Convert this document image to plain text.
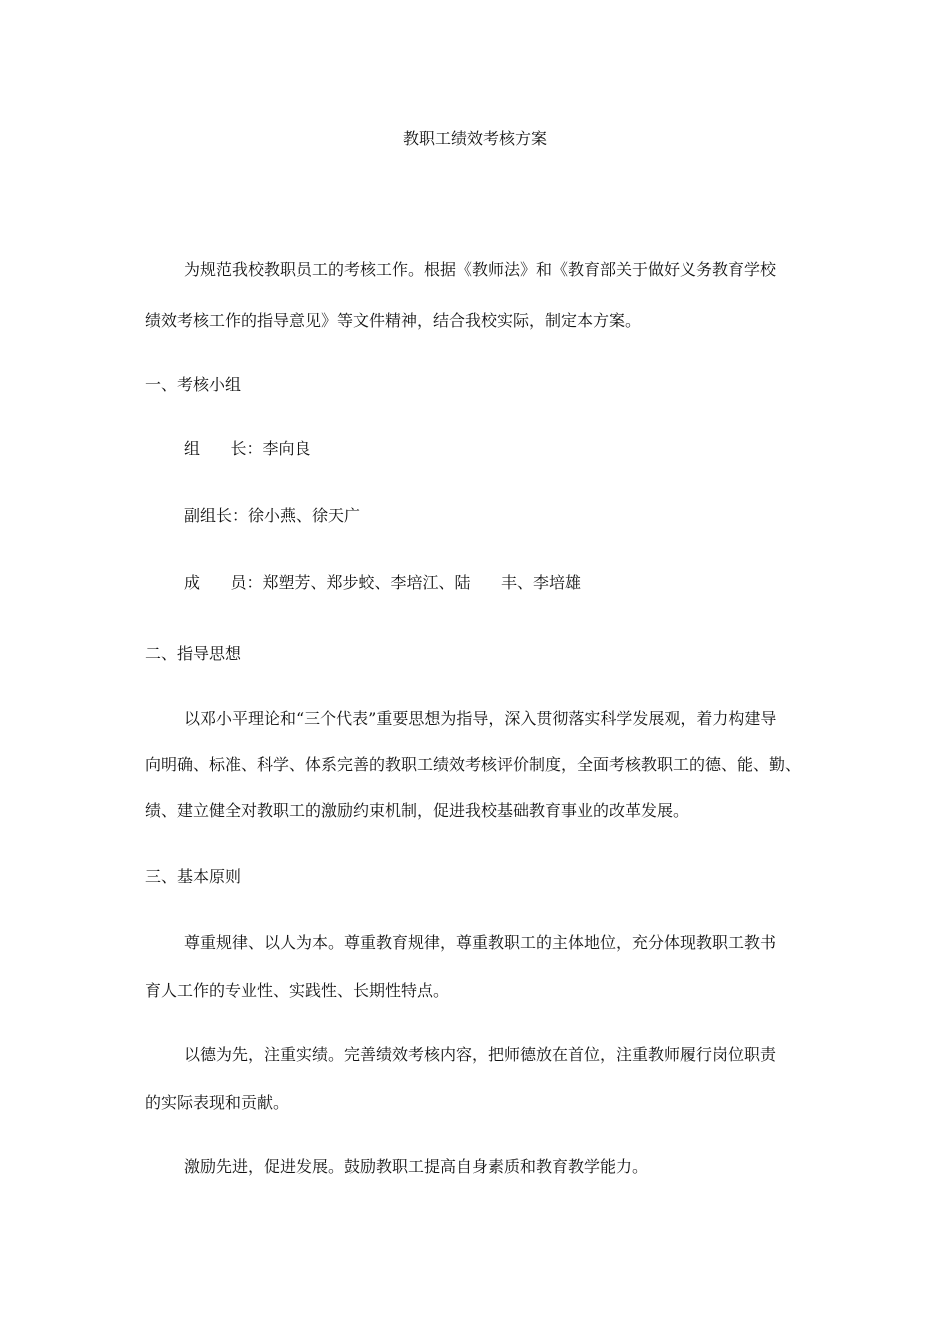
教职工绩效考核方案
为规范我校教职员工的考核工作。根据《教师法》和《教育部关于做好义务教育学校
绩效考核工作的指导意见》等文件精神，结合我校实际，制定本方案。
一、考核小组
组      长：李向良
副组长：徐小燕、徐天广
成      员：郑塑芳、郑步蛟、李培江、陆      丰、李培雄
二、指导思想
以邓小平理论和“三个代表”重要思想为指导，深入贯彻落实科学发展观，着力构建导
向明确、标准、科学、体系完善的教职工绩效考核评价制度，全面考核教职工的德、能、勤、
绩、建立健全对教职工的激励约束机制，促进我校基础教育事业的改革发展。
三、基本原则
尊重规律、以人为本。尊重教育规律，尊重教职工的主体地位，充分体现教职工教书
育人工作的专业性、实践性、长期性特点。
以德为先，注重实绩。完善绩效考核内容，把师德放在首位，注重教师履行岗位职责
的实际表现和贡献。
激励先进，促进发展。鼓励教职工提高自身素质和教育教学能力。
